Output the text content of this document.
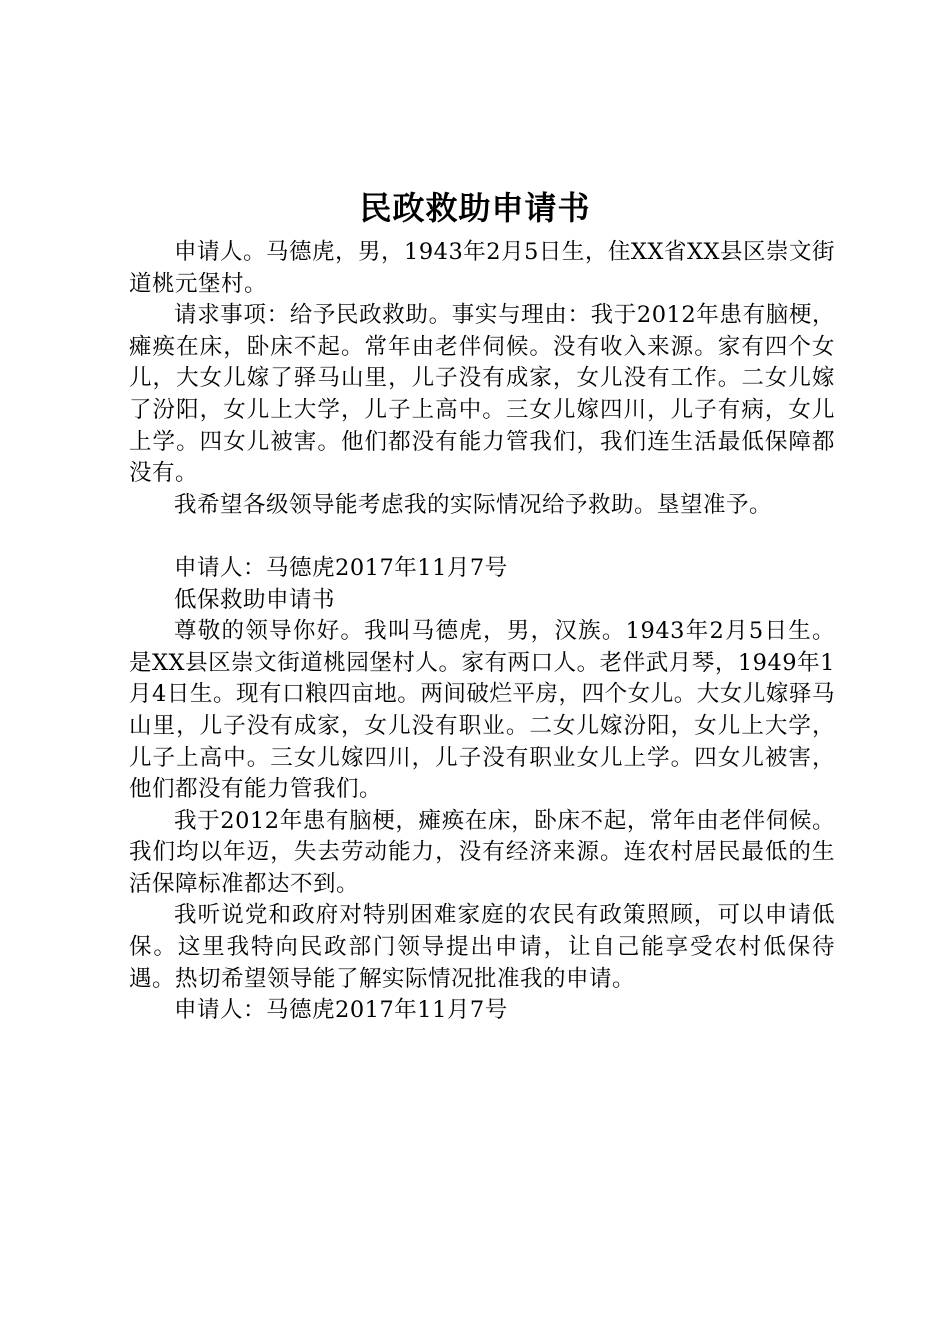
民政救助申请书

申请人。马德虎，男，1943年2月5日生，住XX省XX县区崇文街道桃元堡村。

请求事项：给予民政救助。事实与理由：我于2012年患有脑梗，瘫痪在床，卧床不起。常年由老伴伺候。没有收入来源。家有四个女儿，大女儿嫁了驿马山里，儿子没有成家，女儿没有工作。二女儿嫁了汾阳，女儿上大学，儿子上高中。三女儿嫁四川，儿子有病，女儿上学。四女儿被害。他们都没有能力管我们，我们连生活最低保障都没有。

我希望各级领导能考虑我的实际情况给予救助。垦望准予。

申请人：马德虎2017年11月7号

低保救助申请书

尊敬的领导你好。我叫马德虎，男，汉族。1943年2月5日生。是XX县区崇文街道桃园堡村人。家有两口人。老伴武月琴，1949年1月4日生。现有口粮四亩地。两间破烂平房，四个女儿。大女儿嫁驿马山里，儿子没有成家，女儿没有职业。二女儿嫁汾阳，女儿上大学，儿子上高中。三女儿嫁四川，儿子没有职业女儿上学。四女儿被害，他们都没有能力管我们。

我于2012年患有脑梗，瘫痪在床，卧床不起，常年由老伴伺候。我们均以年迈，失去劳动能力，没有经济来源。连农村居民最低的生活保障标准都达不到。

我听说党和政府对特别困难家庭的农民有政策照顾，可以申请低保。这里我特向民政部门领导提出申请，让自己能享受农村低保待遇。热切希望领导能了解实际情况批准我的申请。

申请人：马德虎2017年11月7号
